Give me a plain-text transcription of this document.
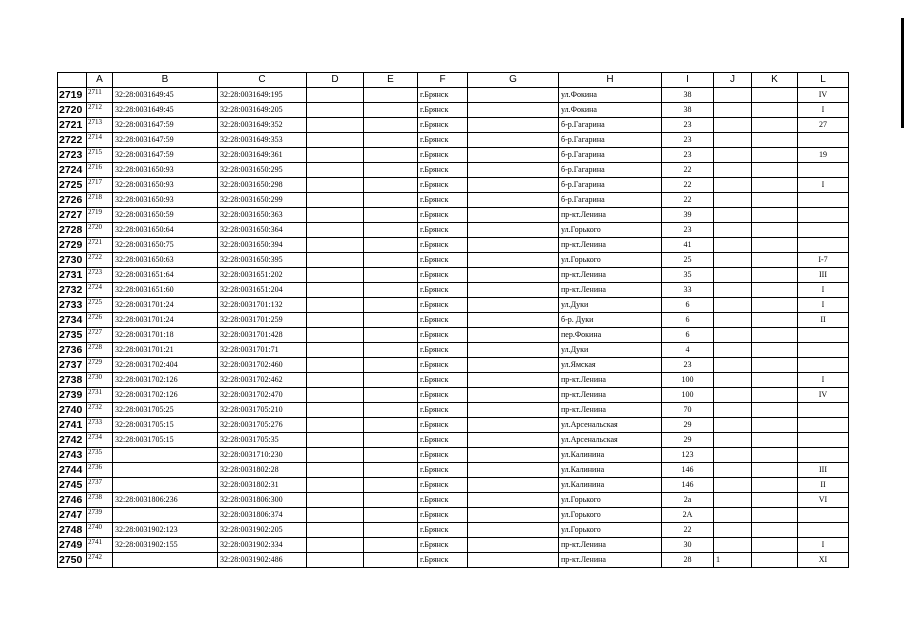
	A	B	C	D	E	F	G	H	I	J	K	L
2719	2711	32:28:0031649:45	32:28:0031649:195			г.Брянск		ул.Фокина	38			IV
2720	2712	32:28:0031649:45	32:28:0031649:205			г.Брянск		ул.Фокина	38			I
2721	2713	32:28:0031647:59	32:28:0031649:352			г.Брянск		б-р.Гагарина	23			27
2722	2714	32:28:0031647:59	32:28:0031649:353			г.Брянск		б-р.Гагарина	23			
2723	2715	32:28:0031647:59	32:28:0031649:361			г.Брянск		б-р.Гагарина	23			19
2724	2716	32:28:0031650:93	32:28:0031650:295			г.Брянск		б-р.Гагарина	22			
2725	2717	32:28:0031650:93	32:28:0031650:298			г.Брянск		б-р.Гагарина	22			I
2726	2718	32:28:0031650:93	32:28:0031650:299			г.Брянск		б-р.Гагарина	22			
2727	2719	32:28:0031650:59	32:28:0031650:363			г.Брянск		пр-кт.Ленина	39			
2728	2720	32:28:0031650:64	32:28:0031650:364			г.Брянск		ул.Горького	23			
2729	2721	32:28:0031650:75	32:28:0031650:394			г.Брянск		пр-кт.Ленина	41			
2730	2722	32:28:0031650:63	32:28:0031650:395			г.Брянск		ул.Горького	25			I-7
2731	2723	32:28:0031651:64	32:28:0031651:202			г.Брянск		пр-кт.Ленина	35			III
2732	2724	32:28:0031651:60	32:28:0031651:204			г.Брянск		пр-кт.Ленина	33			I
2733	2725	32:28:0031701:24	32:28:0031701:132			г.Брянск		ул.Дуки	6			I
2734	2726	32:28:0031701:24	32:28:0031701:259			г.Брянск		б-р. Дуки	6			II
2735	2727	32:28:0031701:18	32:28:0031701:428			г.Брянск		пер.Фокина	6			
2736	2728	32:28:0031701:21	32:28:0031701:71			г.Брянск		ул.Дуки	4			
2737	2729	32:28:0031702:404	32:28:0031702:460			г.Брянск		ул.Ямская	23			
2738	2730	32:28:0031702:126	32:28:0031702:462			г.Брянск		пр-кт.Ленина	100			I
2739	2731	32:28:0031702:126	32:28:0031702:470			г.Брянск		пр-кт.Ленина	100			IV
2740	2732	32:28:0031705:25	32:28:0031705:210			г.Брянск		пр-кт.Ленина	70			
2741	2733	32:28:0031705:15	32:28:0031705:276			г.Брянск		ул.Арсенальская	29			
2742	2734	32:28:0031705:15	32:28:0031705:35			г.Брянск		ул.Арсенальская	29			
2743	2735		32:28:0031710:230			г.Брянск		ул.Калинина	123			
2744	2736		32:28:0031802:28			г.Брянск		ул.Калинина	146			III
2745	2737		32:28:0031802:31			г.Брянск		ул.Калинина	146			II
2746	2738	32:28:0031806:236	32:28:0031806:300			г.Брянск		ул.Горького	2а			VI
2747	2739		32:28:0031806:374			г.Брянск		ул.Горького	2А			
2748	2740	32:28:0031902:123	32:28:0031902:205			г.Брянск		ул.Горького	22			
2749	2741	32:28:0031902:155	32:28:0031902:334			г.Брянск		пр-кт.Ленина	30			I
2750	2742		32:28:0031902:486			г.Брянск		пр-кт.Ленина	28	1		XI
